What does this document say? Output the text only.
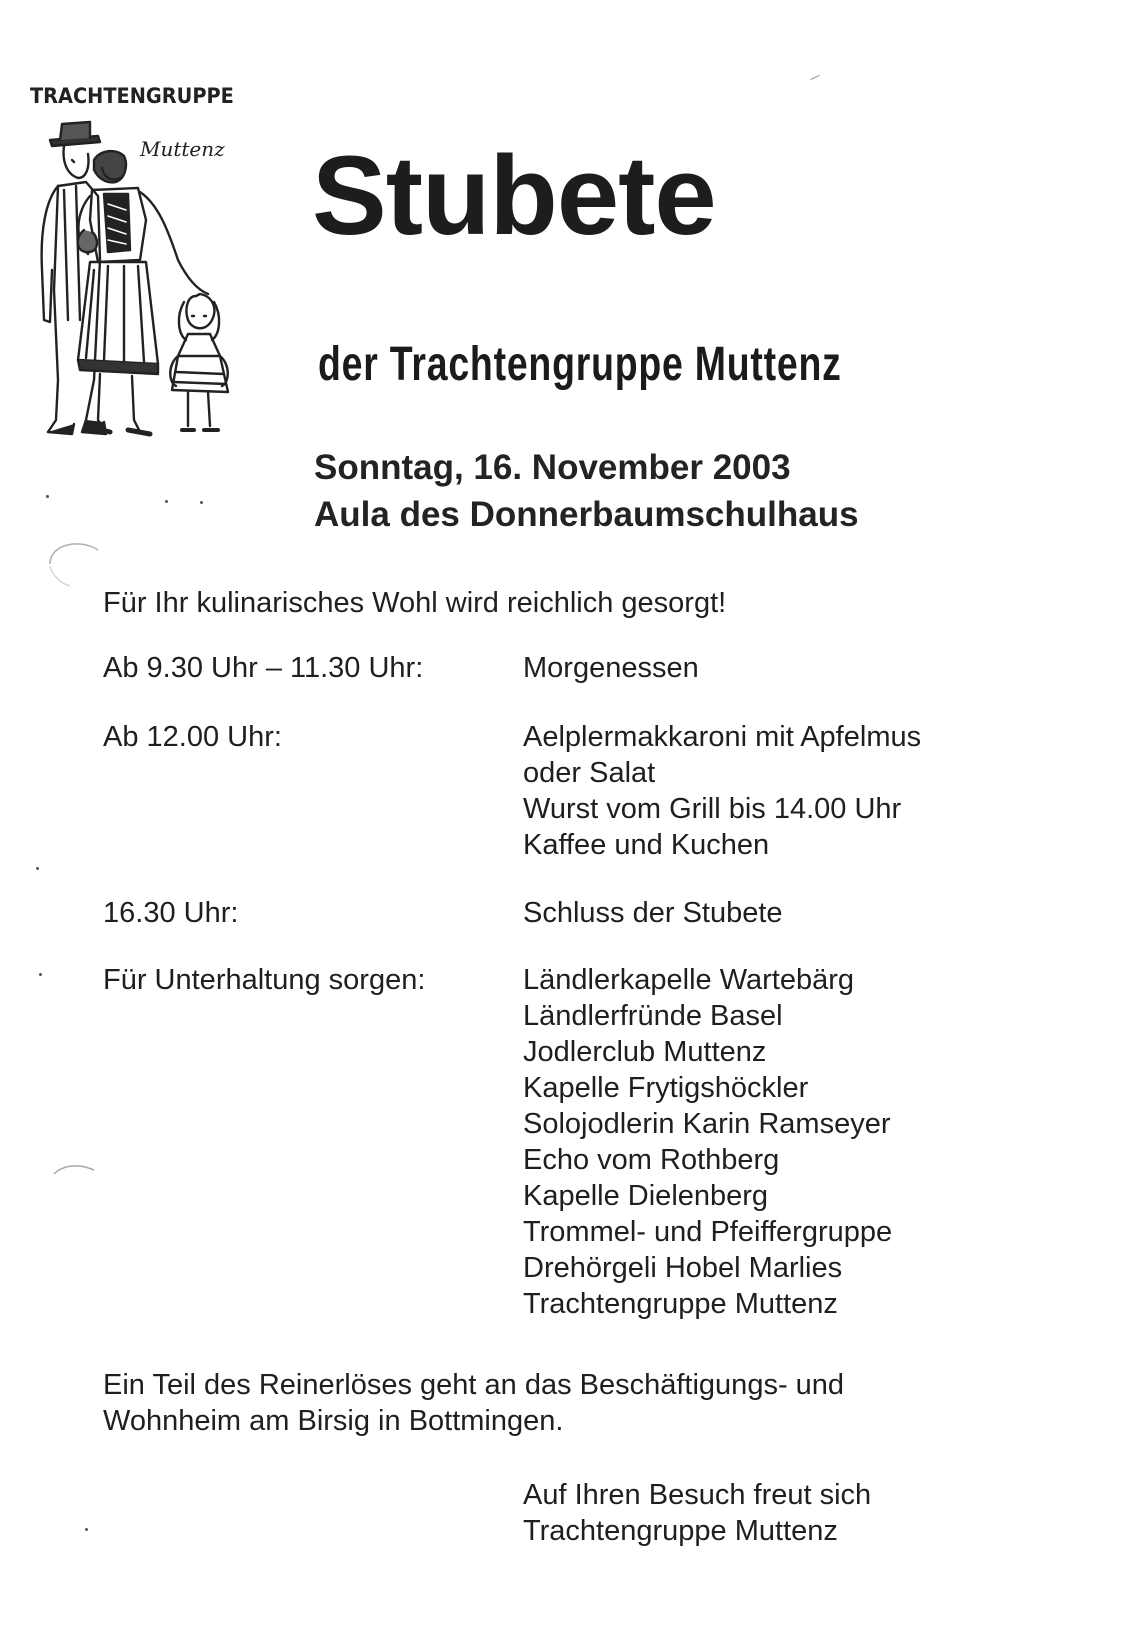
TRACHTENGRUPPE
Muttenz Stubete
der Trachtengruppe Muttenz
Sonntag, 16. November 2003
Aula des Donnerbaumschulhaus
Für Ihr kulinarisches Wohl wird reichlich gesorgt!
Ab 9.30 Uhr – 11.30 Uhr:	Morgenessen
Ab 12.00 Uhr:	Aelplermakkaroni mit Apfelmus
oder Salat
Wurst vom Grill bis 14.00 Uhr
Kaffee und Kuchen
16.30 Uhr:	Schluss der Stubete
Für Unterhaltung sorgen:	Ländlerkapelle Wartebärg
Ländlerfründe Basel
Jodlerclub Muttenz
Kapelle Frytigshöckler
Solojodlerin Karin Ramseyer
Echo vom Rothberg
Kapelle Dielenberg
Trommel- und Pfeiffergruppe
Drehörgeli Hobel Marlies
Trachtengruppe Muttenz
Ein Teil des Reinerlöses geht an das Beschäftigungs- und
Wohnheim am Birsig in Bottmingen.
Auf Ihren Besuch freut sich
Trachtengruppe Muttenz
